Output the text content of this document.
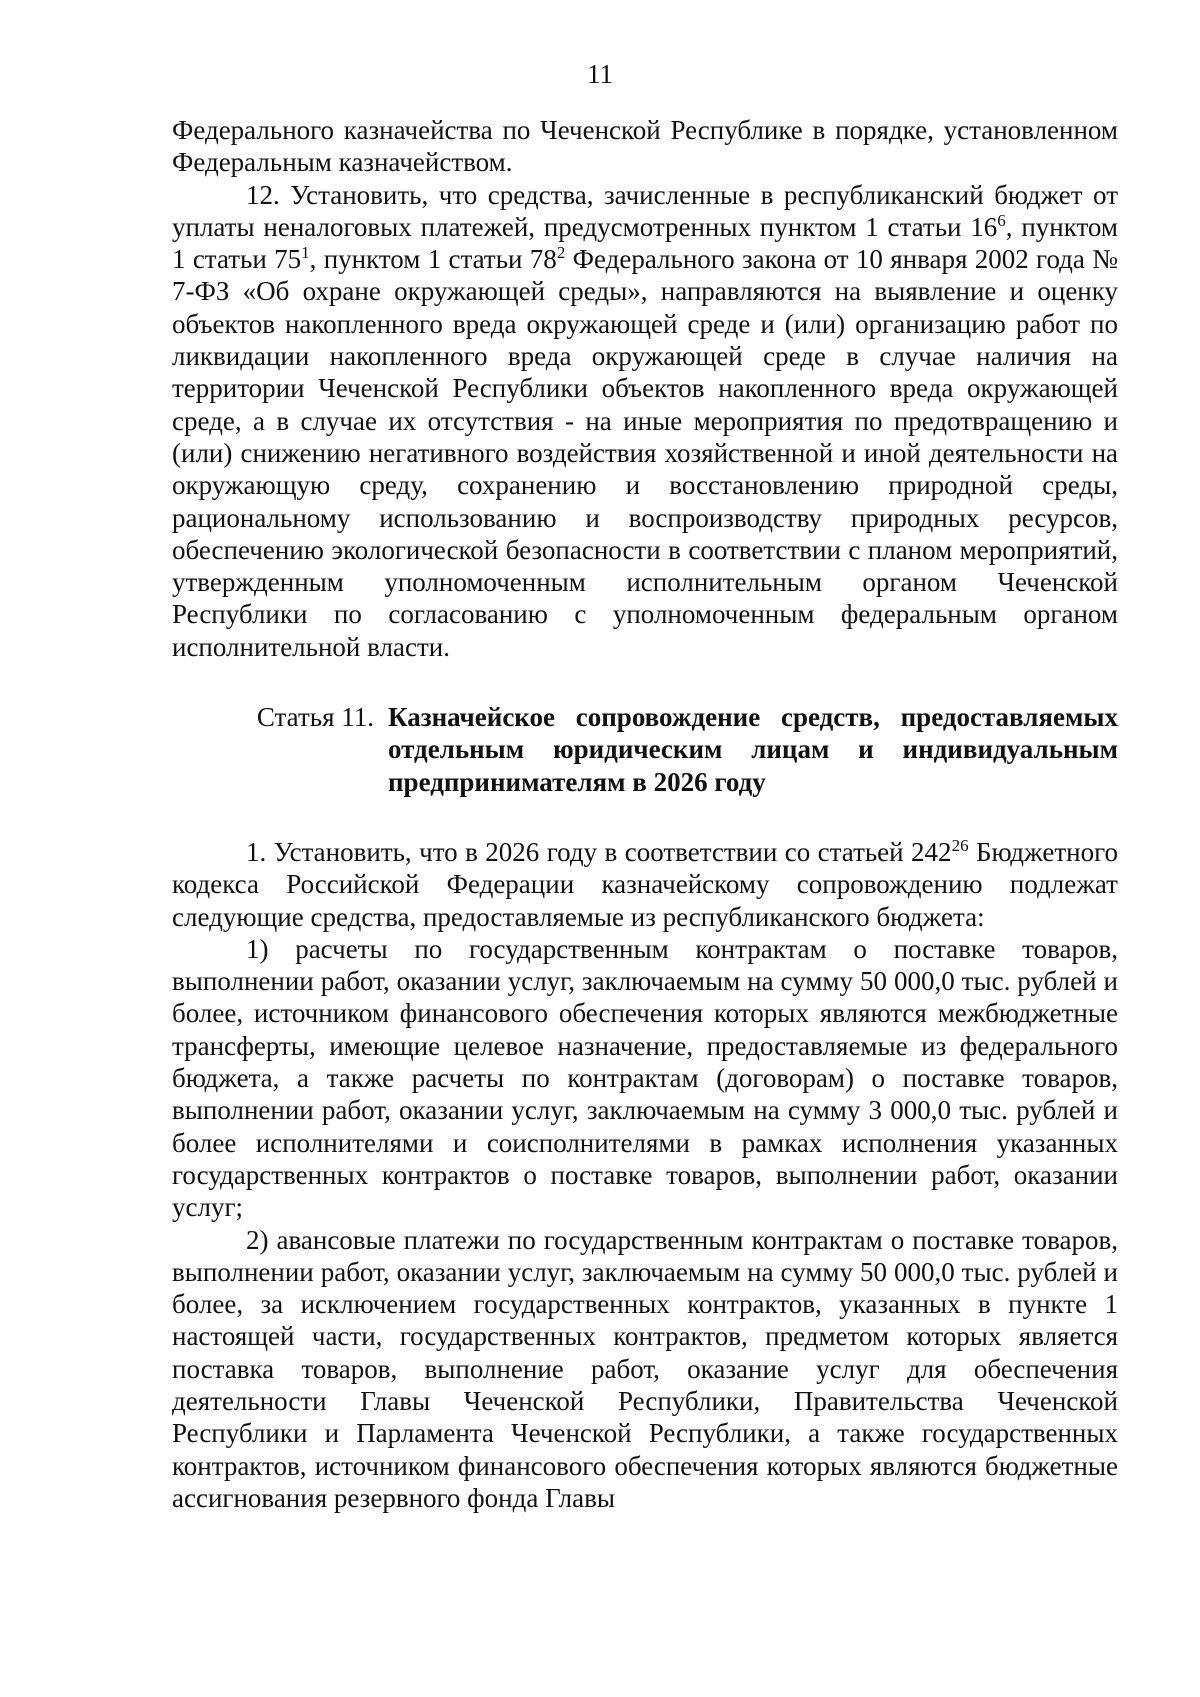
11

Федерального казначейства по Чеченской Республике в порядке, установленном Федеральным казначейством.

12. Установить, что средства, зачисленные в республиканский бюджет от уплаты неналоговых платежей, предусмотренных пунктом 1 статьи $16^6$, пунктом 1 статьи $75^1$, пунктом 1 статьи $78^2$ Федерального закона от 10 января 2002 года № 7-ФЗ «Об охране окружающей среды», направляются на выявление и оценку объектов накопленного вреда окружающей среде и (или) организацию работ по ликвидации накопленного вреда окружающей среде в случае наличия на территории Чеченской Республики объектов накопленного вреда окружающей среде, а в случае их отсутствия - на иные мероприятия по предотвращению и (или) снижению негативного воздействия хозяйственной и иной деятельности на окружающую среду, сохранению и восстановлению природной среды, рациональному использованию и воспроизводству природных ресурсов, обеспечению экологической безопасности в соответствии с планом мероприятий, утвержденным уполномоченным исполнительным органом Чеченской Республики по согласованию с уполномоченным федеральным органом исполнительной власти.

Статья 11. Казначейское сопровождение средств, предоставляемых отдельным юридическим лицам и индивидуальным предпринимателям в 2026 году

1. Установить, что в 2026 году в соответствии со статьей $242^{26}$ Бюджетного кодекса Российской Федерации казначейскому сопровождению подлежат следующие средства, предоставляемые из республиканского бюджета:

1) расчеты по государственным контрактам о поставке товаров, выполнении работ, оказании услуг, заключаемым на сумму 50 000,0 тыс. рублей и более, источником финансового обеспечения которых являются межбюджетные трансферты, имеющие целевое назначение, предоставляемые из федерального бюджета, а также расчеты по контрактам (договорам) о поставке товаров, выполнении работ, оказании услуг, заключаемым на сумму 3 000,0 тыс. рублей и более исполнителями и соисполнителями в рамках исполнения указанных государственных контрактов о поставке товаров, выполнении работ, оказании услуг;

2) авансовые платежи по государственным контрактам о поставке товаров, выполнении работ, оказании услуг, заключаемым на сумму 50 000,0 тыс. рублей и более, за исключением государственных контрактов, указанных в пункте 1 настоящей части, государственных контрактов, предметом которых является поставка товаров, выполнение работ, оказание услуг для обеспечения деятельности Главы Чеченской Республики, Правительства Чеченской Республики и Парламента Чеченской Республики, а также государственных контрактов, источником финансового обеспечения которых являются бюджетные ассигнования резервного фонда Главы
